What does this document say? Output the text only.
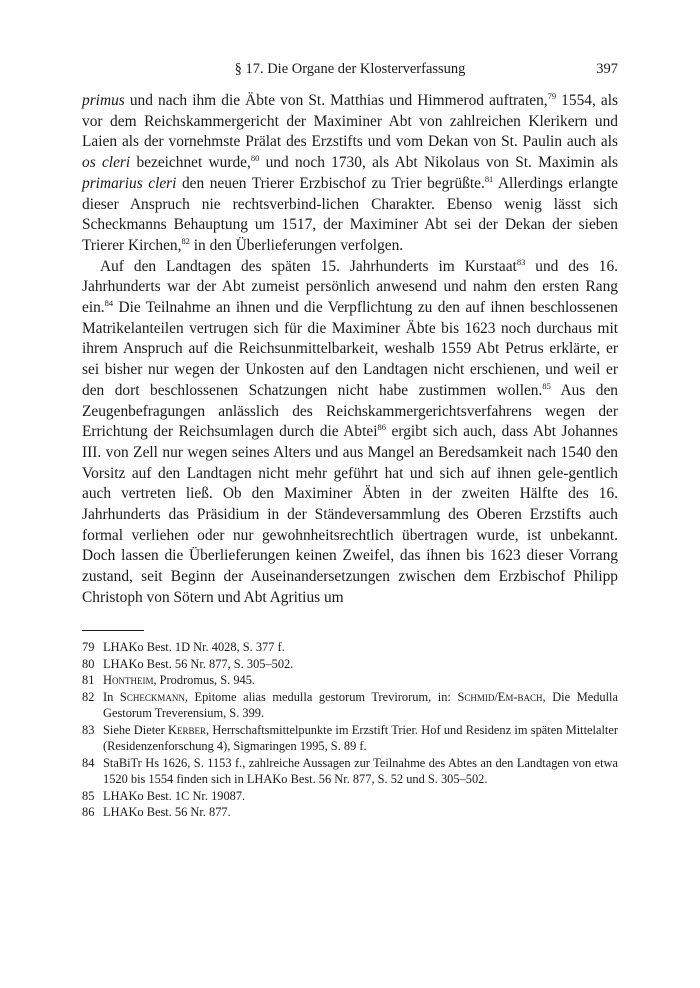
§ 17. Die Organe der Klosterverfassung	397

primus und nach ihm die Äbte von St. Matthias und Himmerod auftraten,$^{79}$ 1554, als vor dem Reichskammergericht der Maximiner Abt von zahlreichen Klerikern und Laien als der vornehmste Prälat des Erzstifts und vom Dekan von St. Paulin auch als os cleri bezeichnet wurde,$^{80}$ und noch 1730, als Abt Nikolaus von St. Maximin als primarius cleri den neuen Trierer Erzbischof zu Trier begrüßte.$^{81}$ Allerdings erlangte dieser Anspruch nie rechtsverbind-lichen Charakter. Ebenso wenig lässt sich Scheckmanns Behauptung um 1517, der Maximiner Abt sei der Dekan der sieben Trierer Kirchen,$^{82}$ in den Überlieferungen verfolgen.

Auf den Landtagen des späten 15. Jahrhunderts im Kurstaat$^{83}$ und des 16. Jahrhunderts war der Abt zumeist persönlich anwesend und nahm den ersten Rang ein.$^{84}$ Die Teilnahme an ihnen und die Verpflichtung zu den auf ihnen beschlossenen Matrikelanteilen vertrugen sich für die Maximiner Äbte bis 1623 noch durchaus mit ihrem Anspruch auf die Reichsunmittelbarkeit, weshalb 1559 Abt Petrus erklärte, er sei bisher nur wegen der Unkosten auf den Landtagen nicht erschienen, und weil er den dort beschlossenen Schatzungen nicht habe zustimmen wollen.$^{85}$ Aus den Zeugenbefragungen anlässlich des Reichskammergerichtsverfahrens wegen der Errichtung der Reichsumlagen durch die Abtei$^{86}$ ergibt sich auch, dass Abt Johannes III. von Zell nur wegen seines Alters und aus Mangel an Beredsamkeit nach 1540 den Vorsitz auf den Landtagen nicht mehr geführt hat und sich auf ihnen gele-gentlich auch vertreten ließ. Ob den Maximiner Äbten in der zweiten Hälfte des 16. Jahrhunderts das Präsidium in der Ständeversammlung des Oberen Erzstifts auch formal verliehen oder nur gewohnheitsrechtlich übertragen wurde, ist unbekannt. Doch lassen die Überlieferungen keinen Zweifel, das ihnen bis 1623 dieser Vorrang zustand, seit Beginn der Auseinandersetzungen zwischen dem Erzbischof Philipp Christoph von Sötern und Abt Agritius um

79 LHAKo Best. 1D Nr. 4028, S. 377 f.
80 LHAKo Best. 56 Nr. 877, S. 305–502.
81 Hontheim, Prodromus, S. 945.
82 In Scheckmann, Epitome alias medulla gestorum Trevirorum, in: Schmid/Em-bach, Die Medulla Gestorum Treverensium, S. 399.
83 Siehe Dieter Kerber, Herrschaftsmittelpunkte im Erzstift Trier. Hof und Residenz im späten Mittelalter (Residenzenforschung 4), Sigmaringen 1995, S. 89 f.
84 StaBiTr Hs 1626, S. 1153 f., zahlreiche Aussagen zur Teilnahme des Abtes an den Landtagen von etwa 1520 bis 1554 finden sich in LHAKo Best. 56 Nr. 877, S. 52 und S. 305–502.
85 LHAKo Best. 1C Nr. 19087.
86 LHAKo Best. 56 Nr. 877.
